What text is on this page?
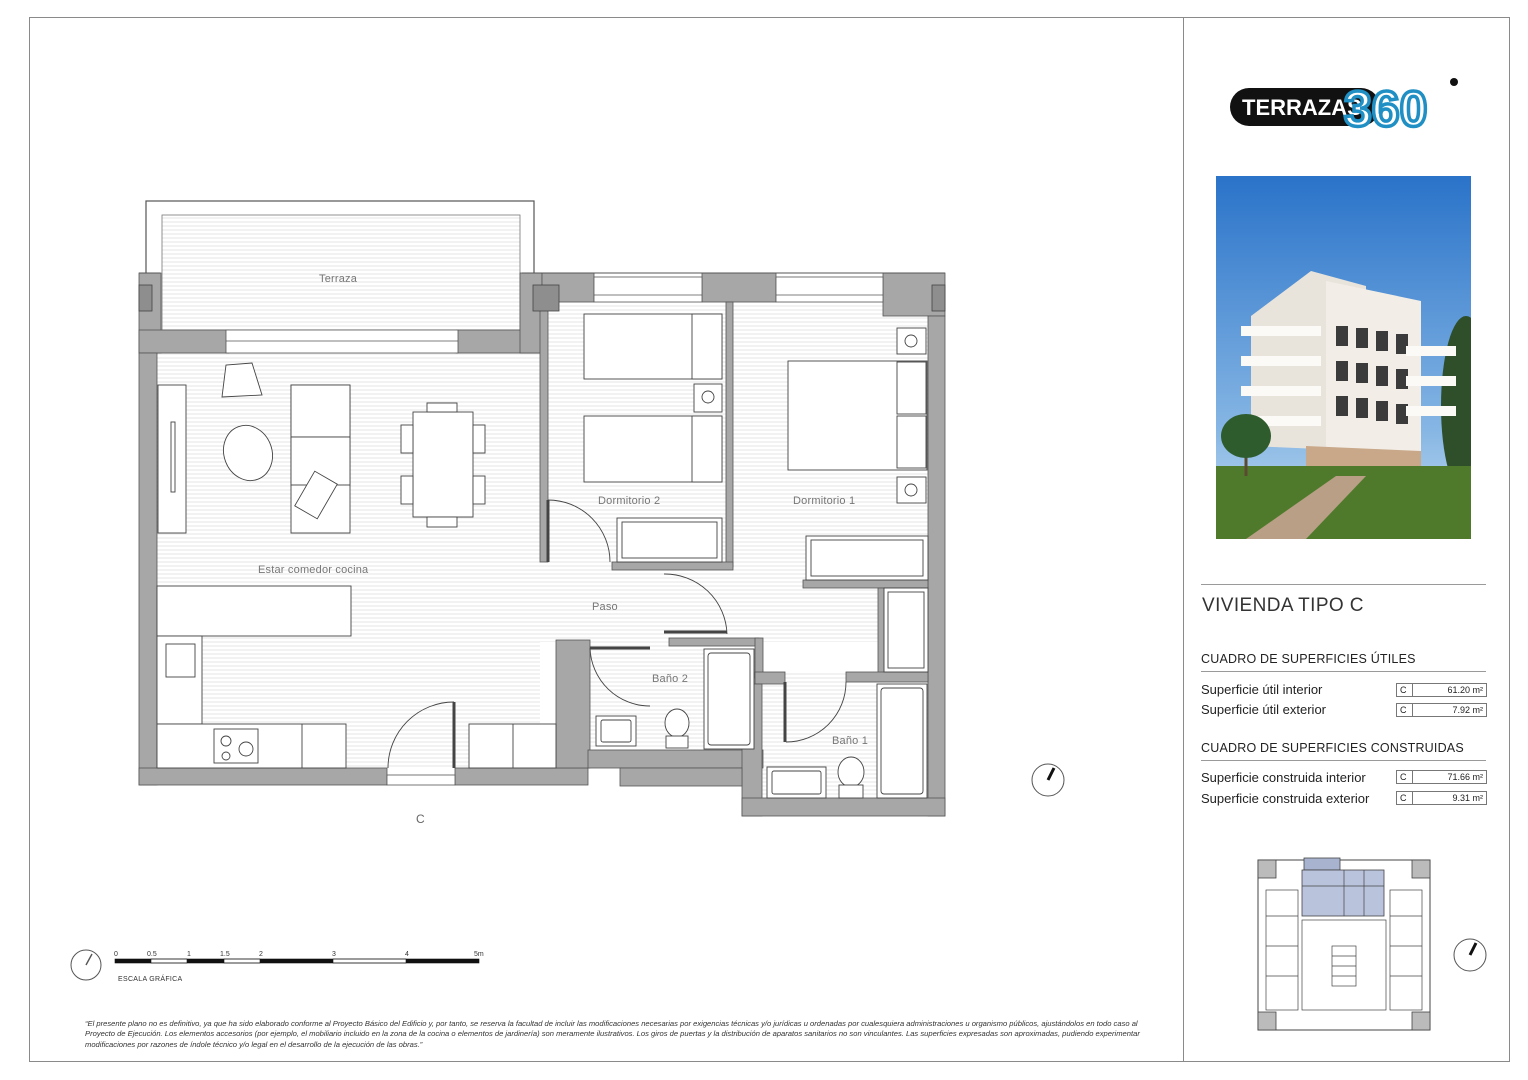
Terraza
Estar comedor cocina
Dormitorio 2	Dormitorio 1
Paso
Baño 2
Baño 1
C
0	0.5	1	1.5	2	3	4	5m
ESCALA GRÁFICA
“El presente plano no es definitivo, ya que ha sido elaborado conforme al Proyecto Básico del Edificio y, por tanto, se reserva la facultad de incluir las modificaciones necesarias por exigencias técnicas y/o jurídicas u ordenadas por cualesquiera administraciones u organismo públicos, ajustándolos en todo caso al Proyecto de Ejecución. Los elementos accesorios (por ejemplo, el mobiliario incluido en la zona de la cocina o elementos de jardinería) son meramente ilustrativos. Los giros de puertas y la distribución de aparatos sanitarios no son vinculantes. Las superficies expresadas son aproximadas, pudiendo experimentar modificaciones por razones de índole técnico y/o legal en el desarrollo de la ejecución de las obras.”
TERRAZAS
360
VIVIENDA TIPO C
CUADRO DE SUPERFICIES ÚTILES
Superficie útil interior	C	61.20 m²
Superficie útil exterior	C	7.92 m²
CUADRO DE SUPERFICIES CONSTRUIDAS
Superficie construida interior	C	71.66 m²
Superficie construida exterior	C	9.31 m²
